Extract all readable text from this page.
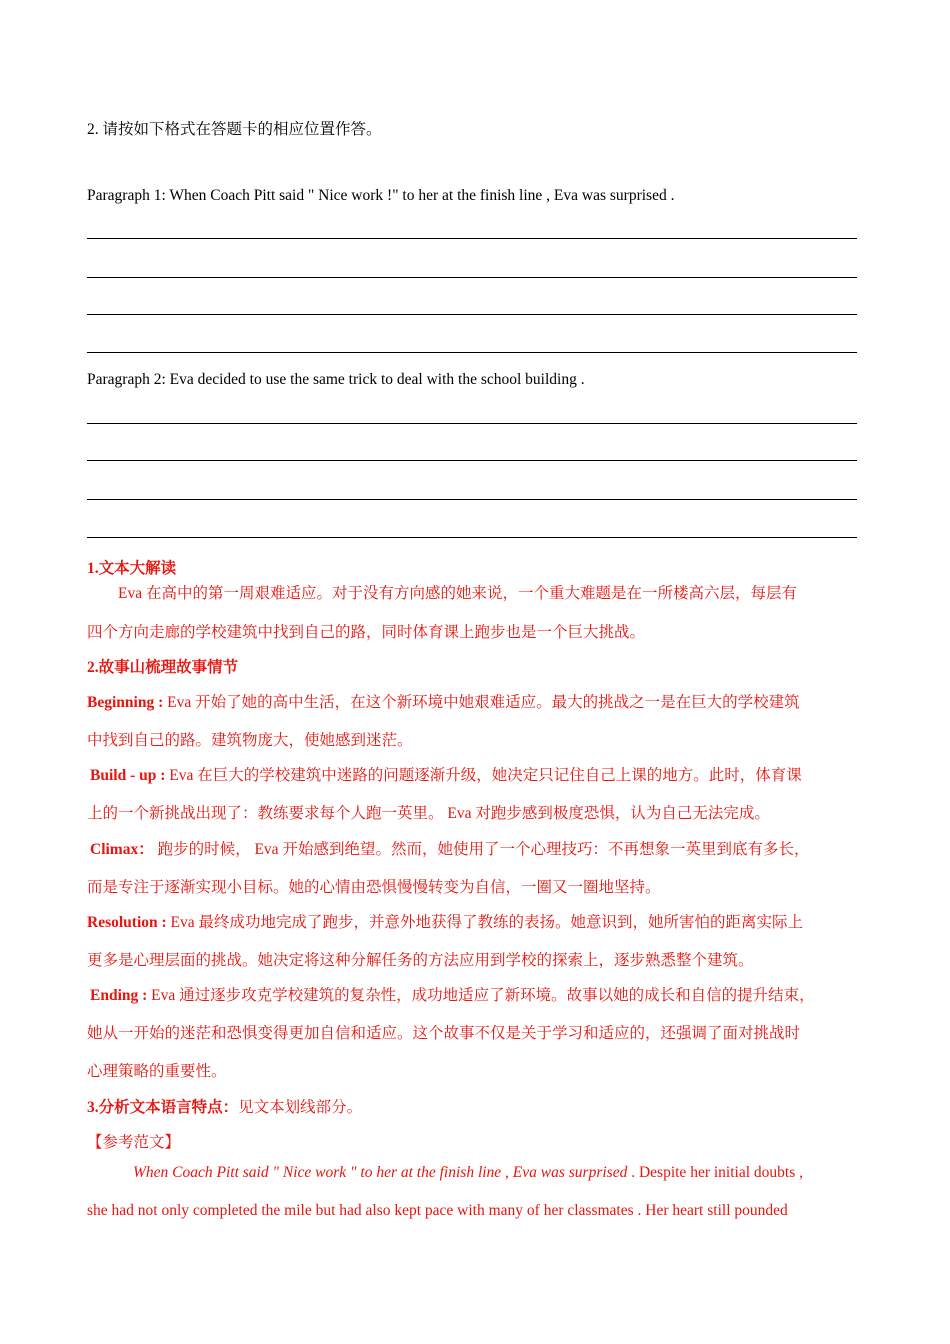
2. 请按如下格式在答题卡的相应位置作答。
Paragraph 1: When Coach Pitt said " Nice work !" to her at the finish line , Eva was surprised .
Paragraph 2: Eva decided to use the same trick to deal with the school building .
1.文本大解读
Eva 在高中的第一周艰难适应。对于没有方向感的她来说，一个重大难题是在一所楼高六层，每层有
四个方向走廊的学校建筑中找到自己的路，同时体育课上跑步也是一个巨大挑战。
2.故事山梳理故事情节
Beginning : Eva 开始了她的高中生活，在这个新环境中她艰难适应。最大的挑战之一是在巨大的学校建筑
中找到自己的路。建筑物庞大，使她感到迷茫。
Build - up : Eva 在巨大的学校建筑中迷路的问题逐渐升级，她决定只记住自己上课的地方。此时，体育课
上的一个新挑战出现了：教练要求每个人跑一英里。 Eva 对跑步感到极度恐惧，认为自己无法完成。
Climax： 跑步的时候， Eva 开始感到绝望。然而，她使用了一个心理技巧：不再想象一英里到底有多长，
而是专注于逐渐实现小目标。她的心情由恐惧慢慢转变为自信，一圈又一圈地坚持。
Resolution : Eva 最终成功地完成了跑步，并意外地获得了教练的表扬。她意识到，她所害怕的距离实际上
更多是心理层面的挑战。她决定将这种分解任务的方法应用到学校的探索上，逐步熟悉整个建筑。
Ending : Eva 通过逐步攻克学校建筑的复杂性，成功地适应了新环境。故事以她的成长和自信的提升结束，
她从一开始的迷茫和恐惧变得更加自信和适应。这个故事不仅是关于学习和适应的，还强调了面对挑战时
心理策略的重要性。
3.分析文本语言特点：见文本划线部分。
【参考范文】
When Coach Pitt said " Nice work " to her at the finish line , Eva was surprised . Despite her initial doubts ,
she had not only completed the mile but had also kept pace with many of her classmates . Her heart still pounded
